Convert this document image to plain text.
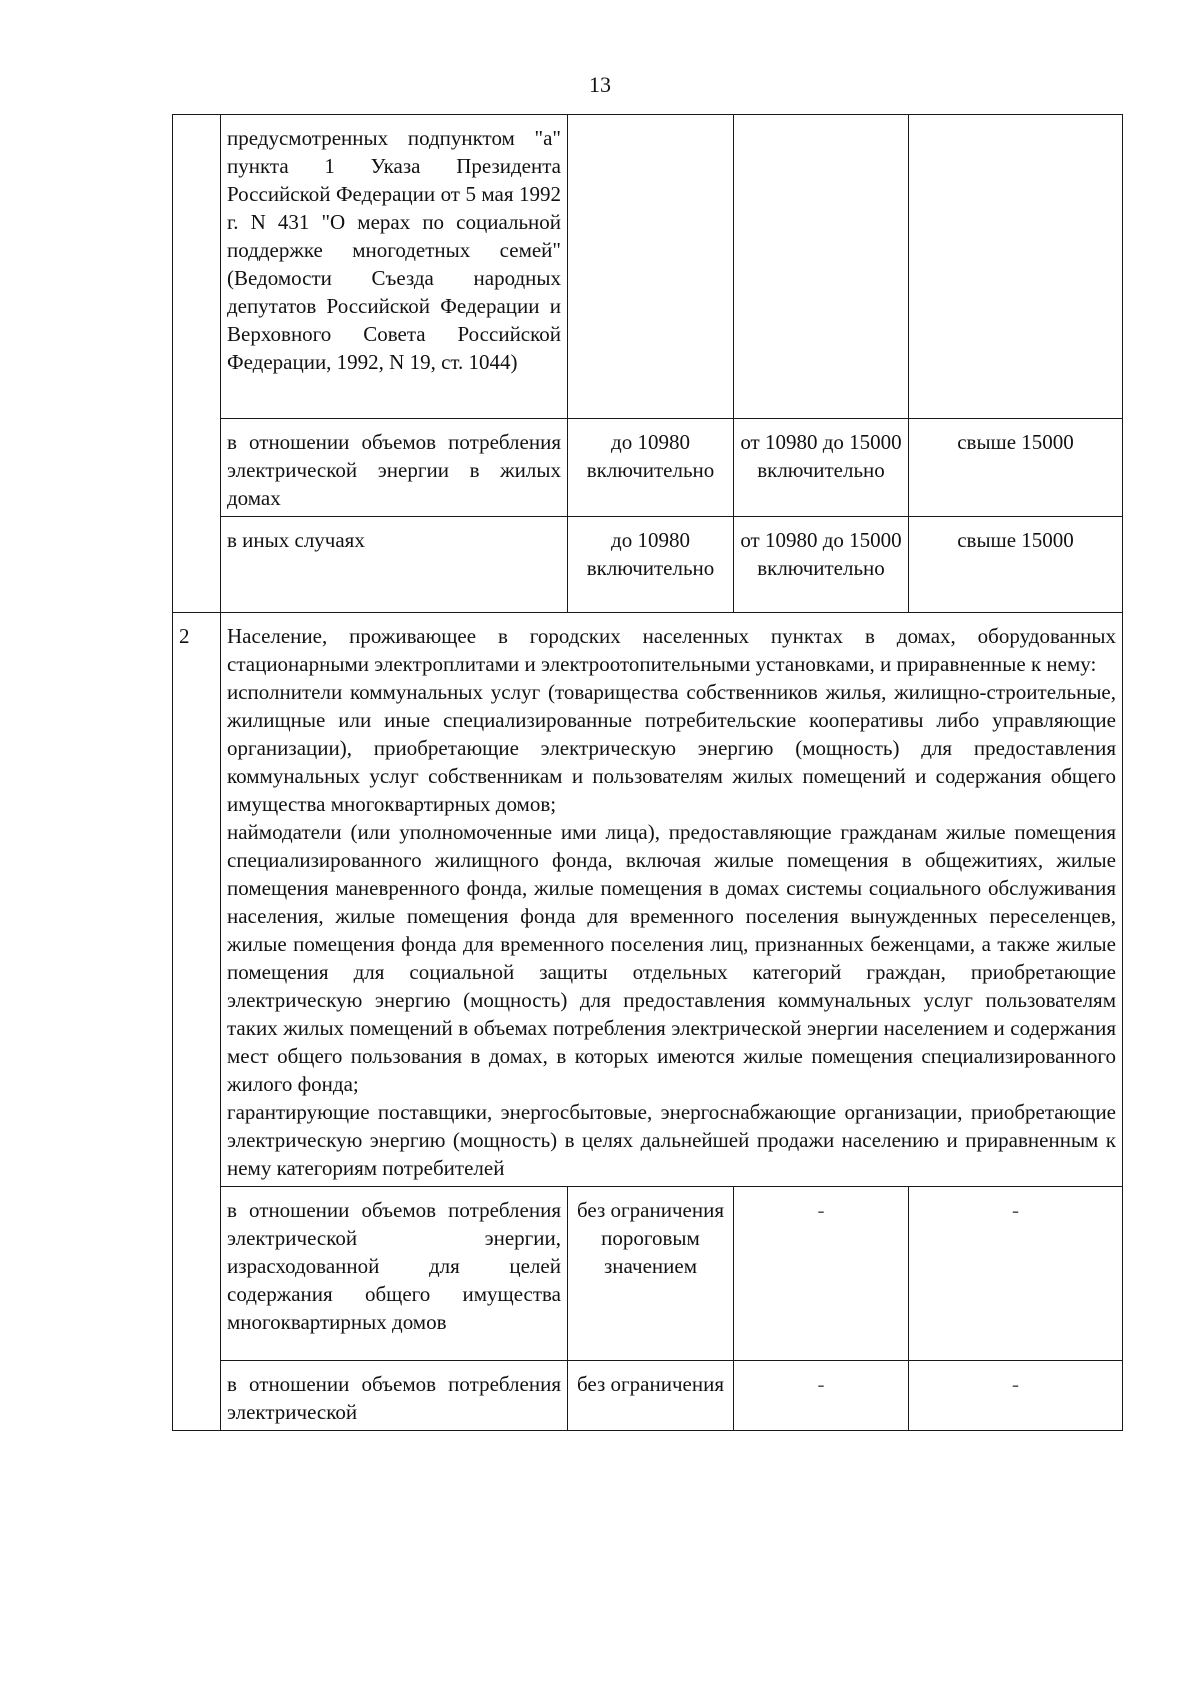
13
	предусмотренных подпунктом "а" пункта 1 Указа Президента Российской Федерации от 5 мая 1992 г. N 431 "О мерах по социальной поддержке многодетных семей" (Ведомости Съезда народных депутатов Российской Федерации и Верховного Совета Российской Федерации, 1992, N 19, ст. 1044)			
	в отношении объемов потребления электрической энергии в жилых домах	до 10980 включительно	от 10980 до 15000 включительно	свыше 15000
	в иных случаях	до 10980 включительно	от 10980 до 15000 включительно	свыше 15000
2	Население, проживающее в городских населенных пунктах в домах, оборудованных стационарными электроплитами и электроотопительными установками, и приравненные к нему:

исполнители коммунальных услуг (товарищества собственников жилья, жилищно-строительные, жилищные или иные специализированные потребительские кооперативы либо управляющие организации), приобретающие электрическую энергию (мощность) для предоставления коммунальных услуг собственникам и пользователям жилых помещений и содержания общего имущества многоквартирных домов;

наймодатели (или уполномоченные ими лица), предоставляющие гражданам жилые помещения специализированного жилищного фонда, включая жилые помещения в общежитиях, жилые помещения маневренного фонда, жилые помещения в домах системы социального обслуживания населения, жилые помещения фонда для временного поселения вынужденных переселенцев, жилые помещения фонда для временного поселения лиц, признанных беженцами, а также жилые помещения для социальной защиты отдельных категорий граждан, приобретающие электрическую энергию (мощность) для предоставления коммунальных услуг пользователям таких жилых помещений в объемах потребления электрической энергии населением и содержания мест общего пользования в домах, в которых имеются жилые помещения специализированного жилого фонда;

гарантирующие поставщики, энергосбытовые, энергоснабжающие организации, приобретающие электрическую энергию (мощность) в целях дальнейшей продажи населению и приравненным к нему категориям потребителей			

	в отношении объемов потребления электрической энергии, израсходованной для целей содержания общего имущества многоквартирных домов	без ограничения пороговым значением	-	-
	в отношении объемов потребления электрической	без ограничения	-	-
